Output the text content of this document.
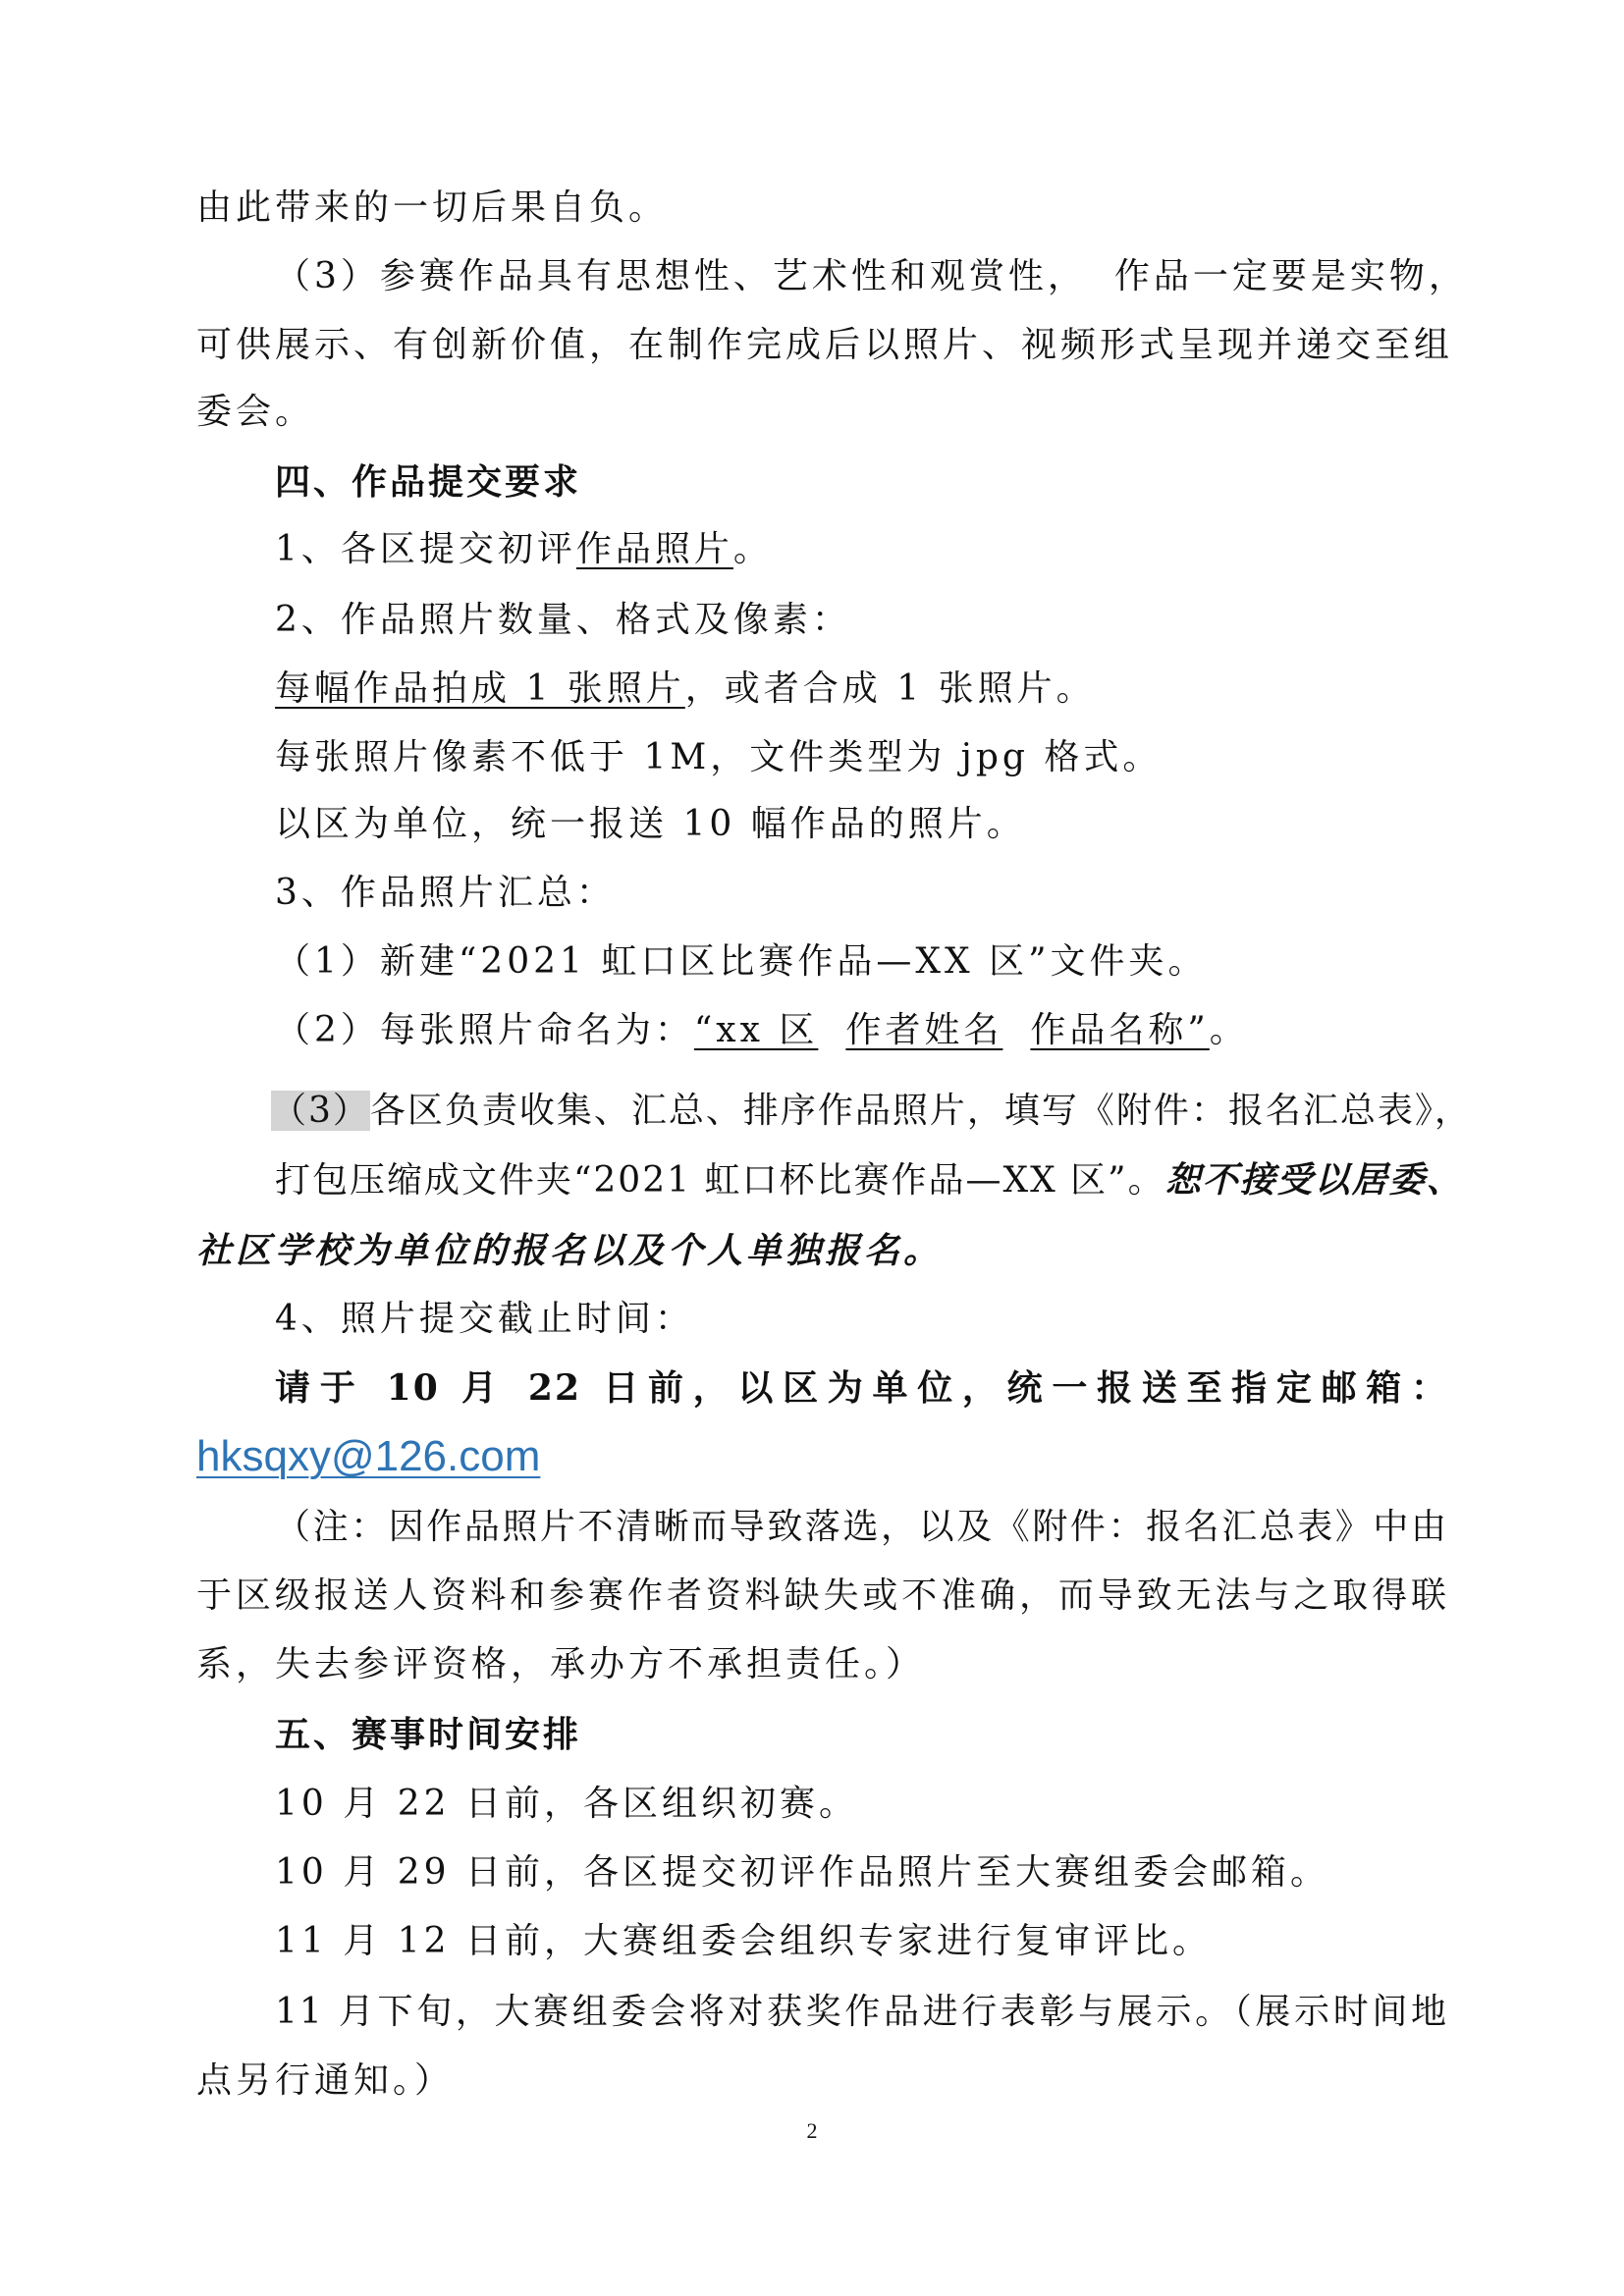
由此带来的一切后果自负。
（3）参赛作品具有思想性、艺术性和观赏性， 作品一定要是实物，
可供展示、有创新价值，在制作完成后以照片、视频形式呈现并递交至组
委会。
四、作品提交要求
1、各区提交初评作品照片。
2、作品照片数量、格式及像素：
每幅作品拍成 1 张照片，或者合成 1 张照片。
每张照片像素不低于 1M，文件类型为 jpg 格式。
以区为单位，统一报送 10 幅作品的照片。
3、作品照片汇总：
（1）新建“2021 虹口区比赛作品—XX 区”文件夹。
（2）每张照片命名为：“xx 区 作者姓名 作品名称”。
（3）各区负责收集、汇总、排序作品照片，填写《附件：报名汇总表》，
打包压缩成文件夹“2021 虹口杯比赛作品—XX 区”。恕不接受以居委、
社区学校为单位的报名以及个人单独报名。
4、照片提交截止时间：
请于 10 月 22 日前，以区为单位，统一报送至指定邮箱：
hksqxy@126.com
（注：因作品照片不清晰而导致落选，以及《附件：报名汇总表》中由
于区级报送人资料和参赛作者资料缺失或不准确，而导致无法与之取得联
系，失去参评资格，承办方不承担责任。）
五、赛事时间安排
10 月 22 日前，各区组织初赛。
10 月 29 日前，各区提交初评作品照片至大赛组委会邮箱。
11 月 12 日前，大赛组委会组织专家进行复审评比。
11 月下旬，大赛组委会将对获奖作品进行表彰与展示。（展示时间地
点另行通知。）
2
